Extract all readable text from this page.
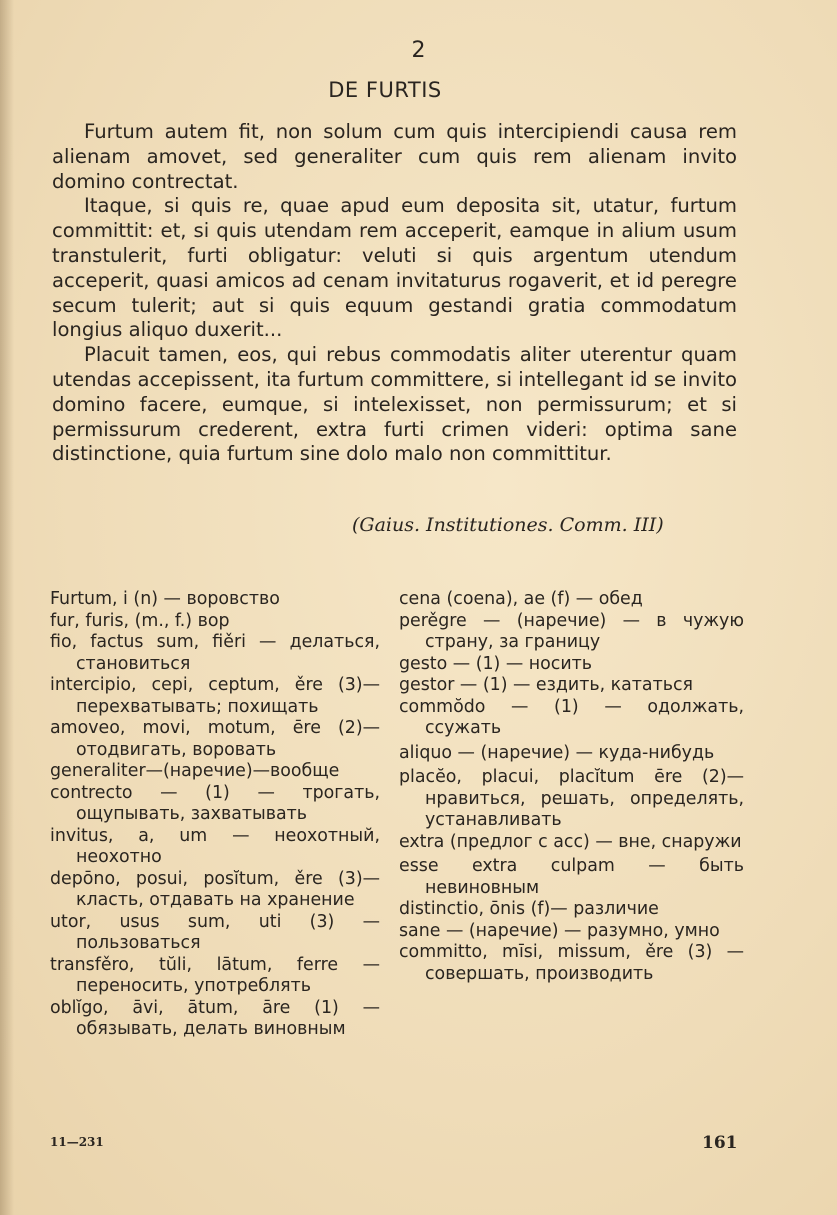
2
DE FURTIS

Furtum autem fit, non solum cum quis intercipiendi causa rem alienam amovet, sed generaliter cum quis rem alienam invito domino contrectat.

Itaque, si quis re, quae apud eum deposita sit, utatur, furtum committit: et, si quis utendam rem acceperit, eamque in alium usum transtulerit, furti obligatur: veluti si quis argentum utendum acceperit, quasi amicos ad cenam invitaturus rogaverit, et id peregre secum tulerit; aut si quis equum gestandi gratia commodatum longius aliquo duxerit...

Placuit tamen, eos, qui rebus commodatis aliter uterentur quam utendas accepissent, ita furtum committere, si intellegant id se invito domino facere, eumque, si intelexisset, non permissurum; et si permissurum crederent, extra furti crimen videri: optima sane distinctione, quia furtum sine dolo malo non committitur.

(Gaius. Institutiones. Comm. III)
Furtum, i (n) — воровство
fur, furis, (m., f.) вор
fio, factus sum, fiěri — делаться, становиться
intercipio, cepi, ceptum, ěre (3)— перехватывать; похищать
amoveo, movi, motum, ēre (2)— отодвигать, воровать
generaliter—(наречие)—вообще
contrecto — (1) — трогать, ощупывать, захватывать
invitus, a, um — неохотный, неохотно
depōno, posui, posĭtum, ěre (3)— класть, отдавать на хранение
utor, usus sum, uti (3) — пользоваться
transfěro, tŭli, lātum, ferre — переносить, употреблять
oblĭgo, āvi, ātum, āre (1) — обязывать, делать виновным
cena (coena), ae (f) — обед
perěgre — (наречие) — в чужую страну, за границу
gesto — (1) — носить
gestor — (1) — ездить, кататься
commŏdo — (1) — одолжать, ссужать
aliquo — (наречие) — куда-нибудь
placĕo, placui, placĭtum ēre (2)— нравиться, решать, определять, устанавливать
extra (предлог с acc) — вне, снаружи
esse extra culpam — быть невиновным
distinctio, ōnis (f)— различие
sane — (наречие) — разумно, умно
committo, mīsi, missum, ěre (3) — совершать, производить
11—231	161
